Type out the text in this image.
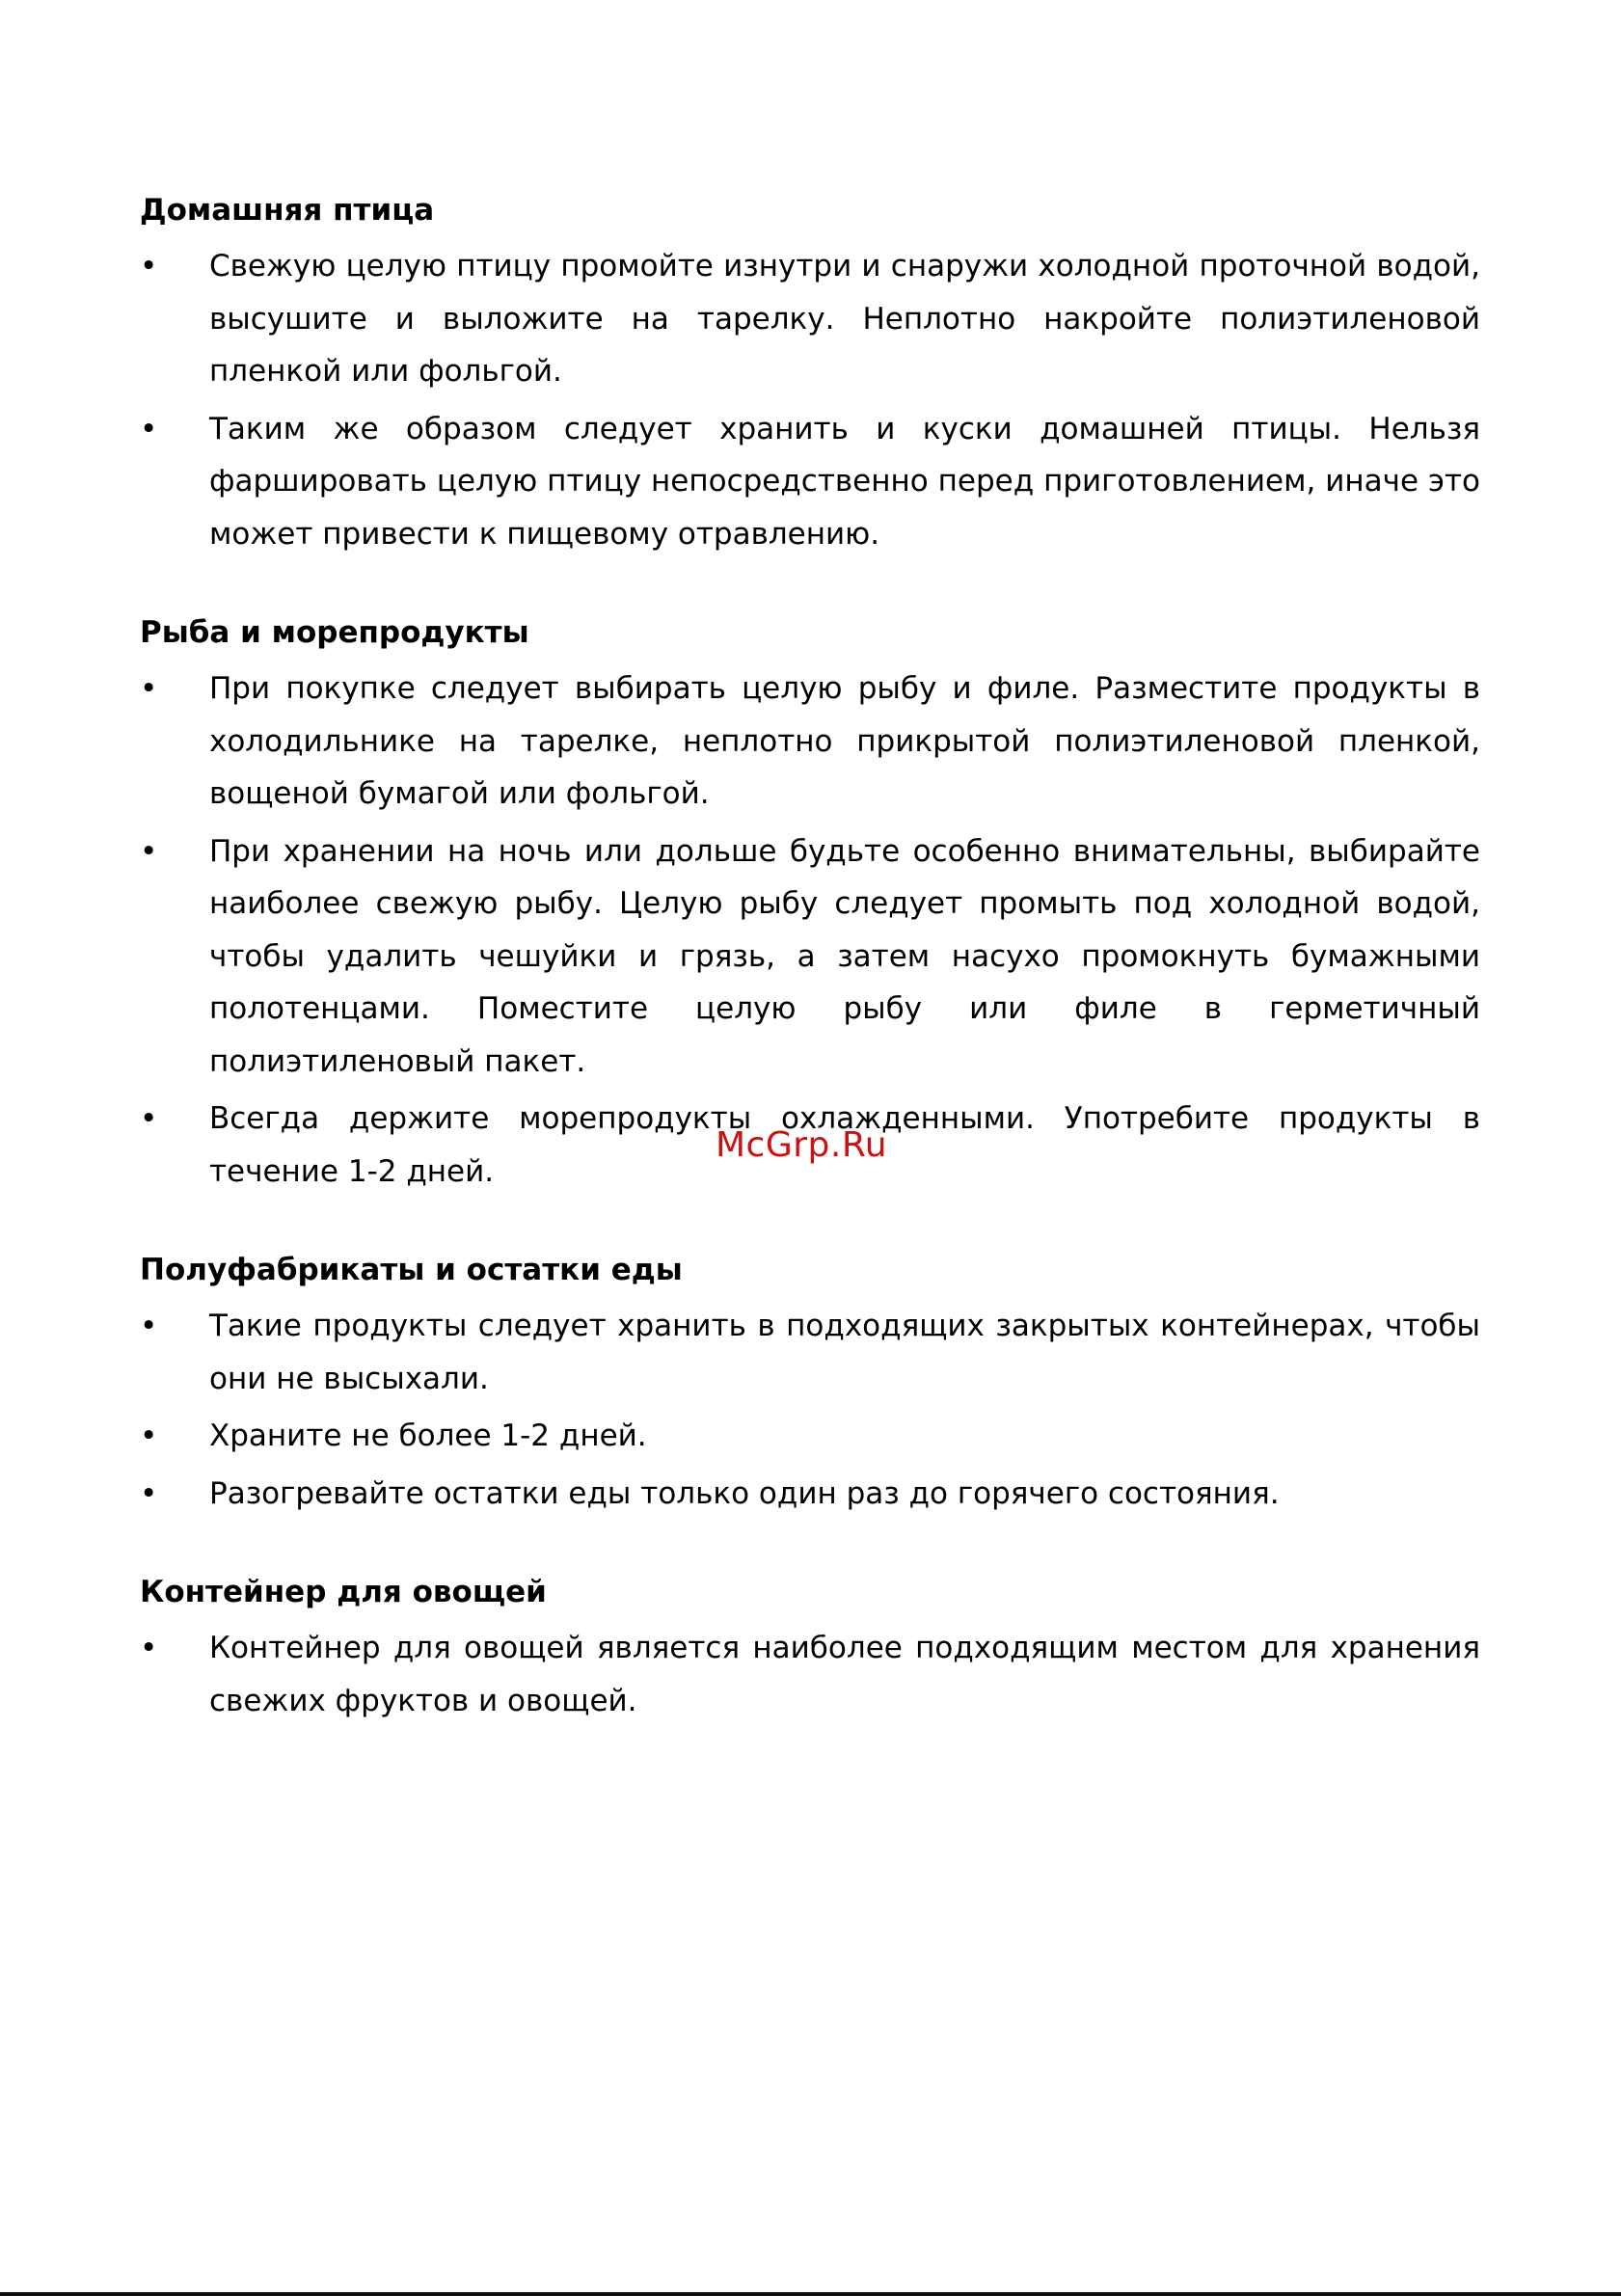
Домашняя птица
• Свежую целую птицу промойте изнутри и снаружи холодной проточной водой, высушите и выложите на тарелку. Неплотно накройте полиэтиленовой пленкой или фольгой.
• Таким же образом следует хранить и куски домашней птицы. Нельзя фаршировать целую птицу непосредственно перед приготовлением, иначе это может привести к пищевому отравлению.
Рыба и морепродукты
• При покупке следует выбирать целую рыбу и филе. Разместите продукты в холодильнике на тарелке, неплотно прикрытой полиэтиленовой пленкой, вощеной бумагой или фольгой.
• При хранении на ночь или дольше будьте особенно внимательны, выбирайте наиболее свежую рыбу. Целую рыбу следует промыть под холодной водой, чтобы удалить чешуйки и грязь, а затем насухо промокнуть бумажными полотенцами. Поместите целую рыбу или филе в герметичный полиэтиленовый пакет.
• Всегда держите морепродукты охлажденными. Употребите продукты в течение 1-2 дней.
Полуфабрикаты и остатки еды
• Такие продукты следует хранить в подходящих закрытых контейнерах, чтобы они не высыхали.
• Храните не более 1-2 дней.
• Разогревайте остатки еды только один раз до горячего состояния.
Контейнер для овощей
• Контейнер для овощей является наиболее подходящим местом для хранения свежих фруктов и овощей.
McGrp.Ru
